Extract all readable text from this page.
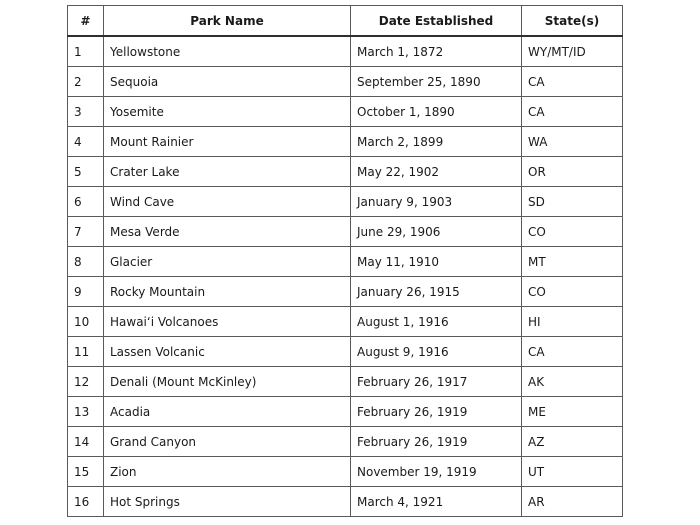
#	Park Name	Date Established	State(s)
1	Yellowstone	March 1, 1872	WY/MT/ID
2	Sequoia	September 25, 1890	CA
3	Yosemite	October 1, 1890	CA
4	Mount Rainier	March 2, 1899	WA
5	Crater Lake	May 22, 1902	OR
6	Wind Cave	January 9, 1903	SD
7	Mesa Verde	June 29, 1906	CO
8	Glacier	May 11, 1910	MT
9	Rocky Mountain	January 26, 1915	CO
10	Hawaiʻi Volcanoes	August 1, 1916	HI
11	Lassen Volcanic	August 9, 1916	CA
12	Denali (Mount McKinley)	February 26, 1917	AK
13	Acadia	February 26, 1919	ME
14	Grand Canyon	February 26, 1919	AZ
15	Zion	November 19, 1919	UT
16	Hot Springs	March 4, 1921	AR
